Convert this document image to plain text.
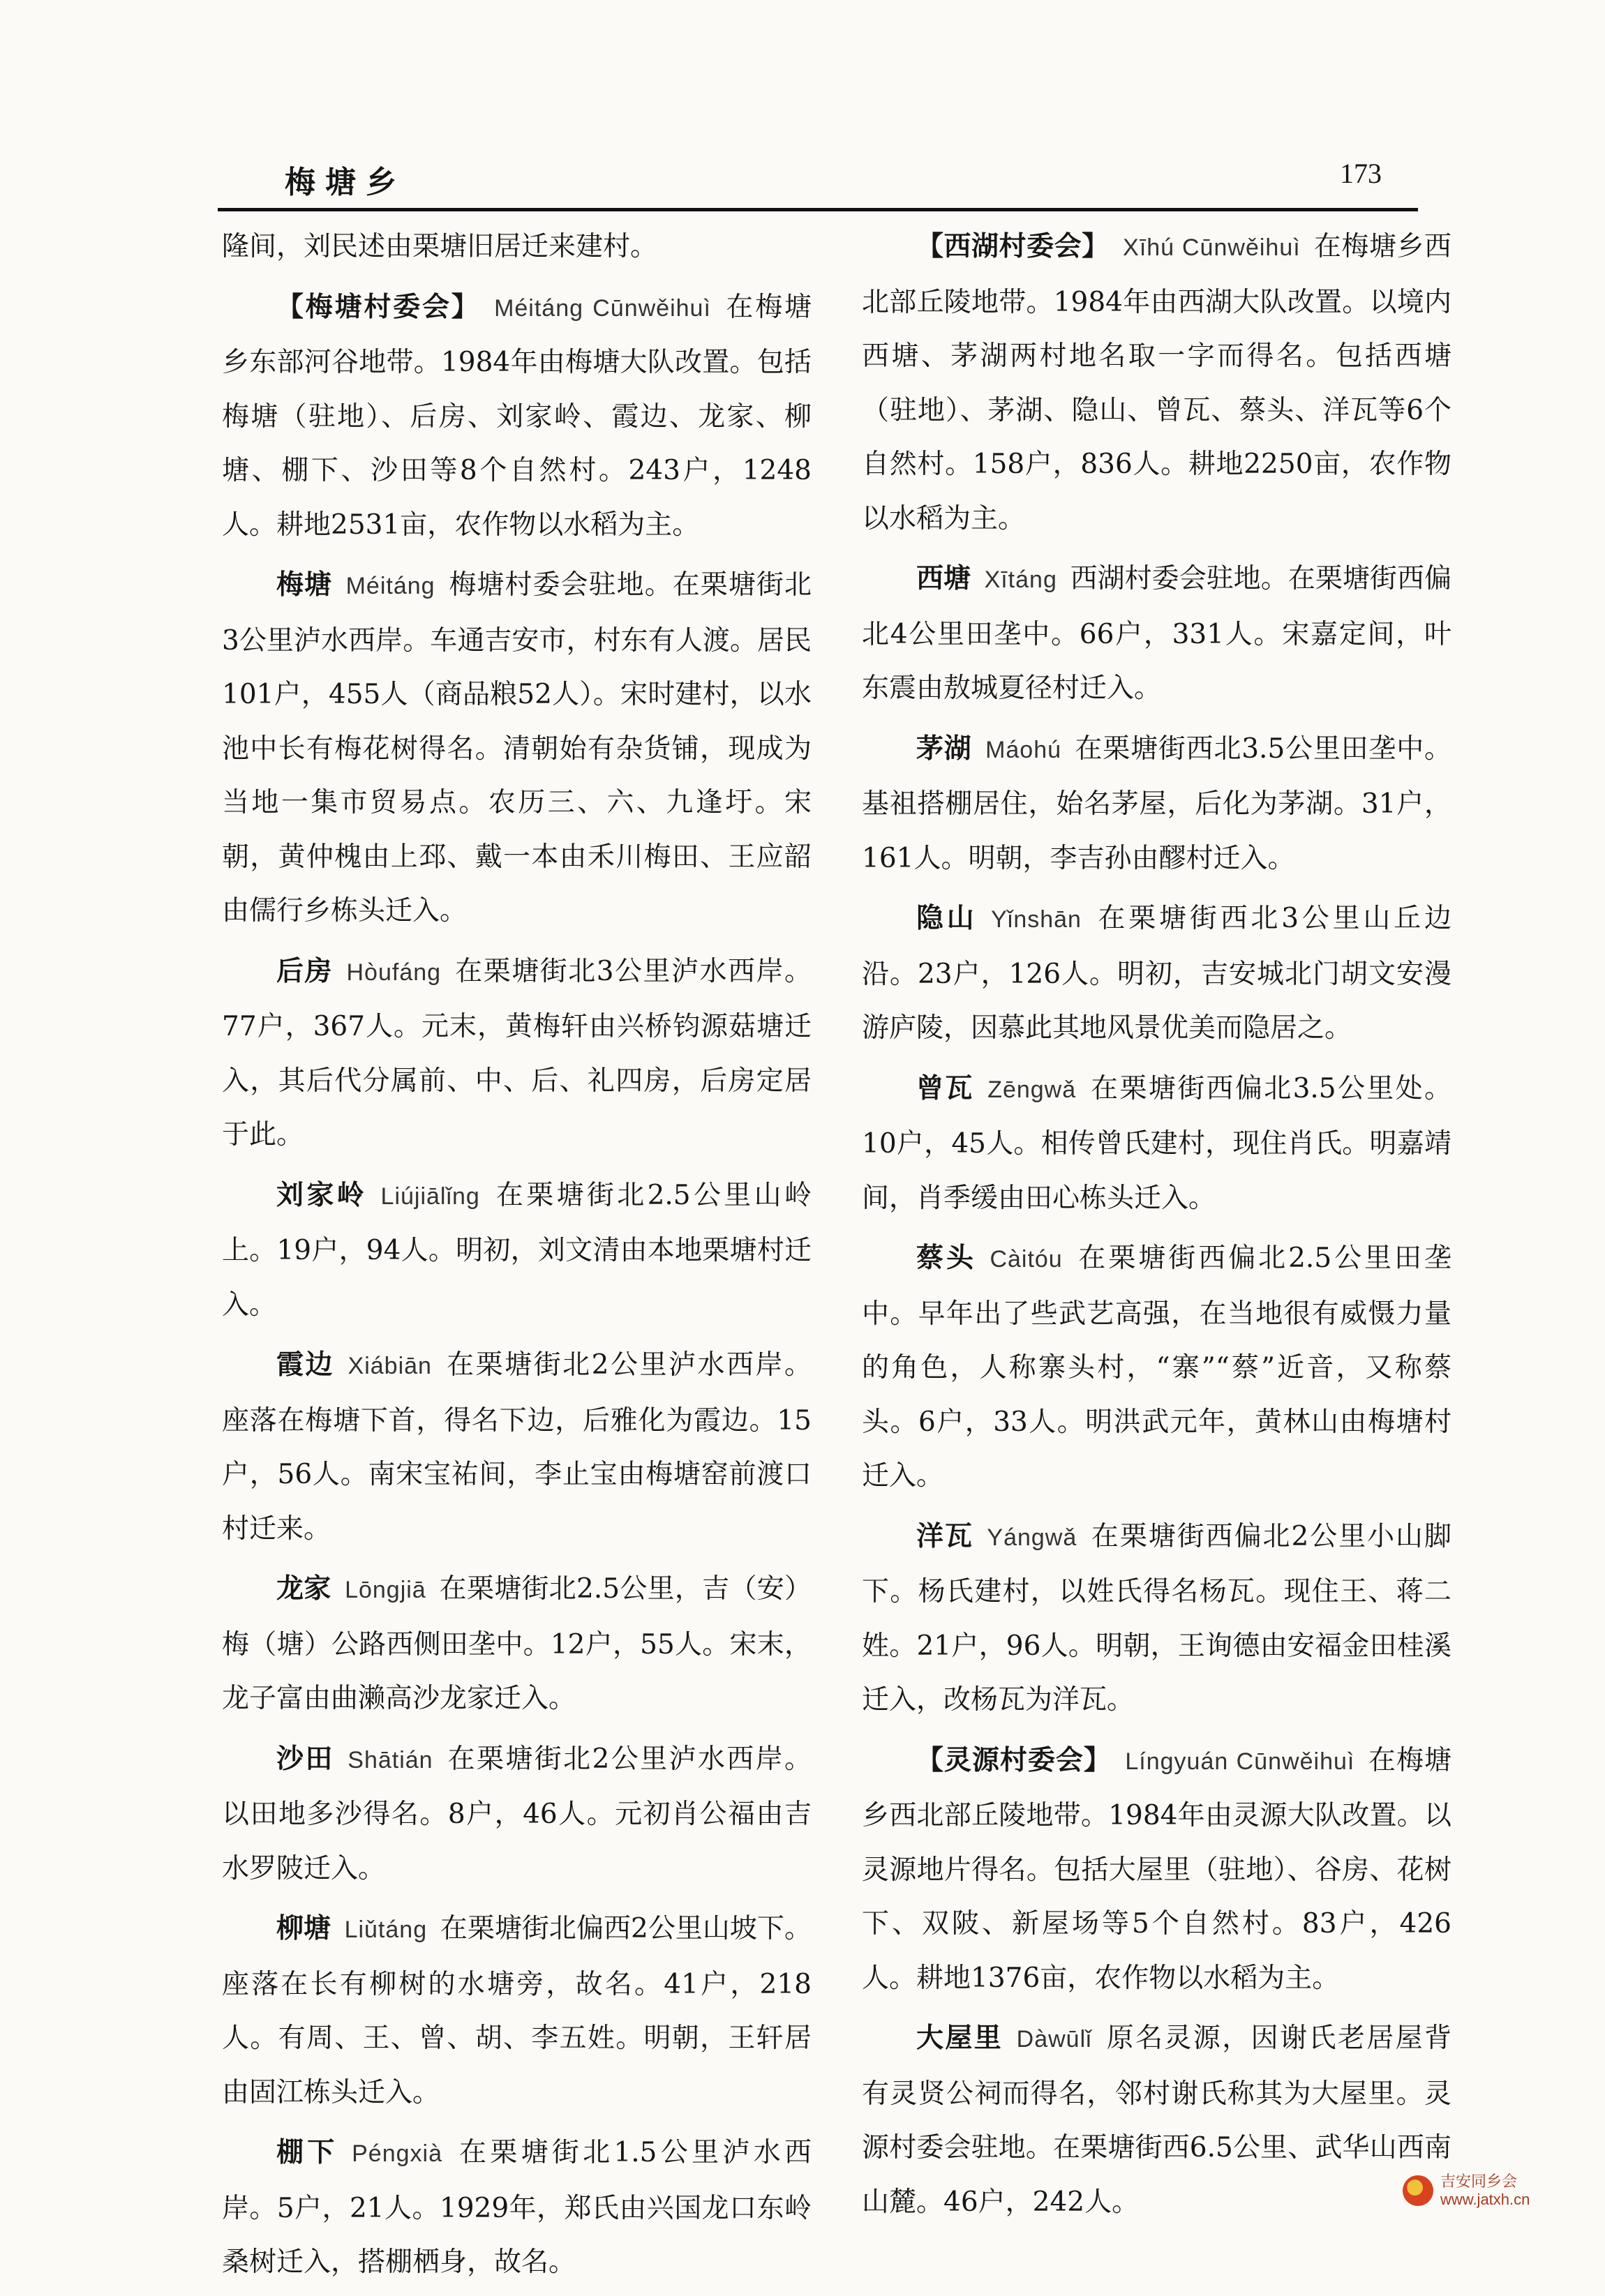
梅塘乡	173

隆间，刘民述由栗塘旧居迁来建村。

【梅塘村委会】 Méitáng Cūnwěihuì 在梅塘乡东部河谷地带。1984年由梅塘大队改置。包括梅塘（驻地）、后房、刘家岭、霞边、龙家、柳塘、棚下、沙田等8个自然村。243户，1248人。耕地2531亩，农作物以水稻为主。

梅塘 Méitáng 梅塘村委会驻地。在栗塘街北3公里泸水西岸。车通吉安市，村东有人渡。居民101户，455人（商品粮52人）。宋时建村，以水池中长有梅花树得名。清朝始有杂货铺，现成为当地一集市贸易点。农历三、六、九逢圩。宋朝，黄仲槐由上邳、戴一本由禾川梅田、王应韶由儒行乡栋头迁入。

后房 Hòufáng 在栗塘街北3公里泸水西岸。77户，367人。元末，黄梅轩由兴桥钧源菇塘迁入，其后代分属前、中、后、礼四房，后房定居于此。

刘家岭 Liújiālǐng 在栗塘街北2.5公里山岭上。19户，94人。明初，刘文清由本地栗塘村迁入。

霞边 Xiábiān 在栗塘街北2公里泸水西岸。座落在梅塘下首，得名下边，后雅化为霞边。15户，56人。南宋宝祐间，李止宝由梅塘窑前渡口村迁来。

龙家 Lōngjiā 在栗塘街北2.5公里，吉（安）梅（塘）公路西侧田垄中。12户，55人。宋末，龙子富由曲濑高沙龙家迁入。

沙田 Shātián 在栗塘街北2公里泸水西岸。以田地多沙得名。8户，46人。元初肖公福由吉水罗陂迁入。

柳塘 Liǔtáng 在栗塘街北偏西2公里山坡下。座落在长有柳树的水塘旁，故名。41户，218人。有周、王、曾、胡、李五姓。明朝，王轩居由固江栋头迁入。

棚下 Péngxià 在栗塘街北1.5公里泸水西岸。5户，21人。1929年，郑氏由兴国龙口东岭桑树迁入，搭棚栖身，故名。

【西湖村委会】 Xīhú Cūnwěihuì 在梅塘乡西北部丘陵地带。1984年由西湖大队改置。以境内西塘、茅湖两村地名取一字而得名。包括西塘（驻地）、茅湖、隐山、曾瓦、蔡头、洋瓦等6个自然村。158户，836人。耕地2250亩，农作物以水稻为主。

西塘 Xītáng 西湖村委会驻地。在栗塘街西偏北4公里田垄中。66户，331人。宋嘉定间，叶东震由敖城夏径村迁入。

茅湖 Máohú 在栗塘街西北3.5公里田垄中。基祖搭棚居住，始名茅屋，后化为茅湖。31户，161人。明朝，李吉孙由醪村迁入。

隐山 Yǐnshān 在栗塘街西北3公里山丘边沿。23户，126人。明初，吉安城北门胡文安漫游庐陵，因慕此其地风景优美而隐居之。

曾瓦 Zēngwǎ 在栗塘街西偏北3.5公里处。10户，45人。相传曾氏建村，现住肖氏。明嘉靖间，肖季缓由田心栋头迁入。

蔡头 Càitóu 在栗塘街西偏北2.5公里田垄中。早年出了些武艺高强，在当地很有威慑力量的角色，人称寨头村，“寨”“蔡”近音，又称蔡头。6户，33人。明洪武元年，黄林山由梅塘村迁入。

洋瓦 Yángwǎ 在栗塘街西偏北2公里小山脚下。杨氏建村，以姓氏得名杨瓦。现住王、蒋二姓。21户，96人。明朝，王询德由安福金田桂溪迁入，改杨瓦为洋瓦。

【灵源村委会】 Língyuán Cūnwěihuì 在梅塘乡西北部丘陵地带。1984年由灵源大队改置。以灵源地片得名。包括大屋里（驻地）、谷房、花树下、双陂、新屋场等5个自然村。83户，426人。耕地1376亩，农作物以水稻为主。

大屋里 Dàwūlǐ 原名灵源，因谢氏老居屋背有灵贤公祠而得名，邻村谢氏称其为大屋里。灵源村委会驻地。在栗塘街西6.5公里、武华山西南山麓。46户，242人。

吉安同乡会
www.jatxh.cn
